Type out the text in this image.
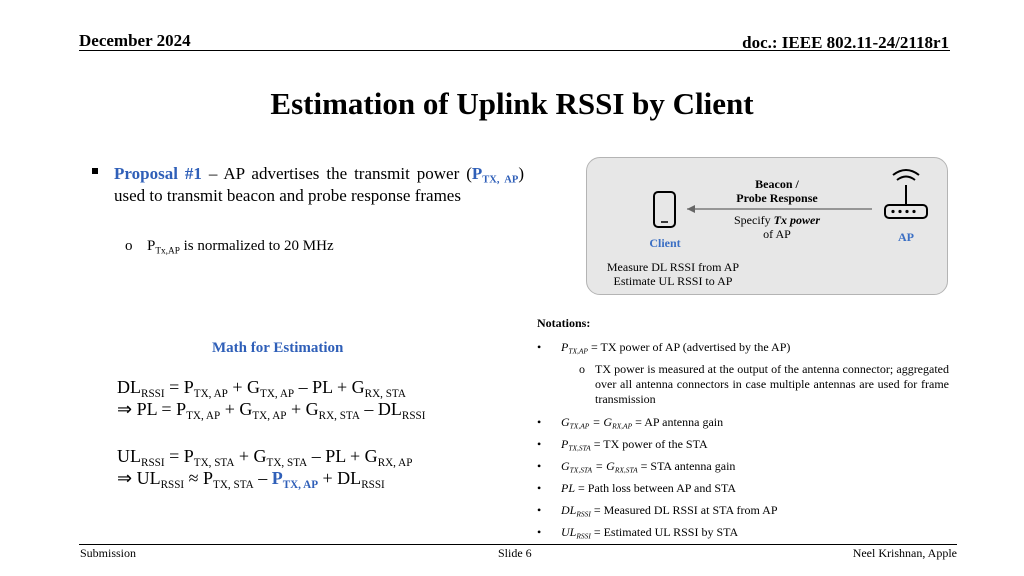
December 2024	doc.: IEEE 802.11-24/2118r1
Estimation of Uplink RSSI by Client
Proposal #1 – AP advertises the transmit power $(P_{TX, AP})$ used to transmit beacon and probe response frames
o $P_{Tx,AP}$ is normalized to 20 MHz
Math for Estimation
$DL_{RSSI} = P_{TX, AP} + G_{TX, AP}$ – PL + $G_{RX, STA}$
⇒ PL = $P_{TX, AP} + G_{TX, AP} + G_{RX, STA} - DL_{RSSI}$
$UL_{RSSI} = P_{TX, STA} + G_{TX, STA}$ – PL + $G_{RX, AP}$
⇒ $UL_{RSSI} \approx P_{TX, STA} - P_{TX, AP} + DL_{RSSI}$
Client	AP
Beacon /
Probe Response
Specify Tx power
of AP
Measure DL RSSI from AP
Estimate UL RSSI to AP
Notations:
• $P_{TX,AP}$ = TX power of AP (advertised by the AP)
o TX power is measured at the output of the antenna connector; aggregated over all antenna connectors in case multiple antennas are used for frame transmission
• $G_{TX,AP} = G_{RX,AP}$ = AP antenna gain
• $P_{TX,STA}$ = TX power of the STA
• $G_{TX,STA} = G_{RX,STA}$ = STA antenna gain
• PL = Path loss between AP and STA
• $DL_{RSSI}$ = Measured DL RSSI at STA from AP
• $UL_{RSSI}$ = Estimated UL RSSI by STA
Submission	Slide 6	Neel Krishnan, Apple
